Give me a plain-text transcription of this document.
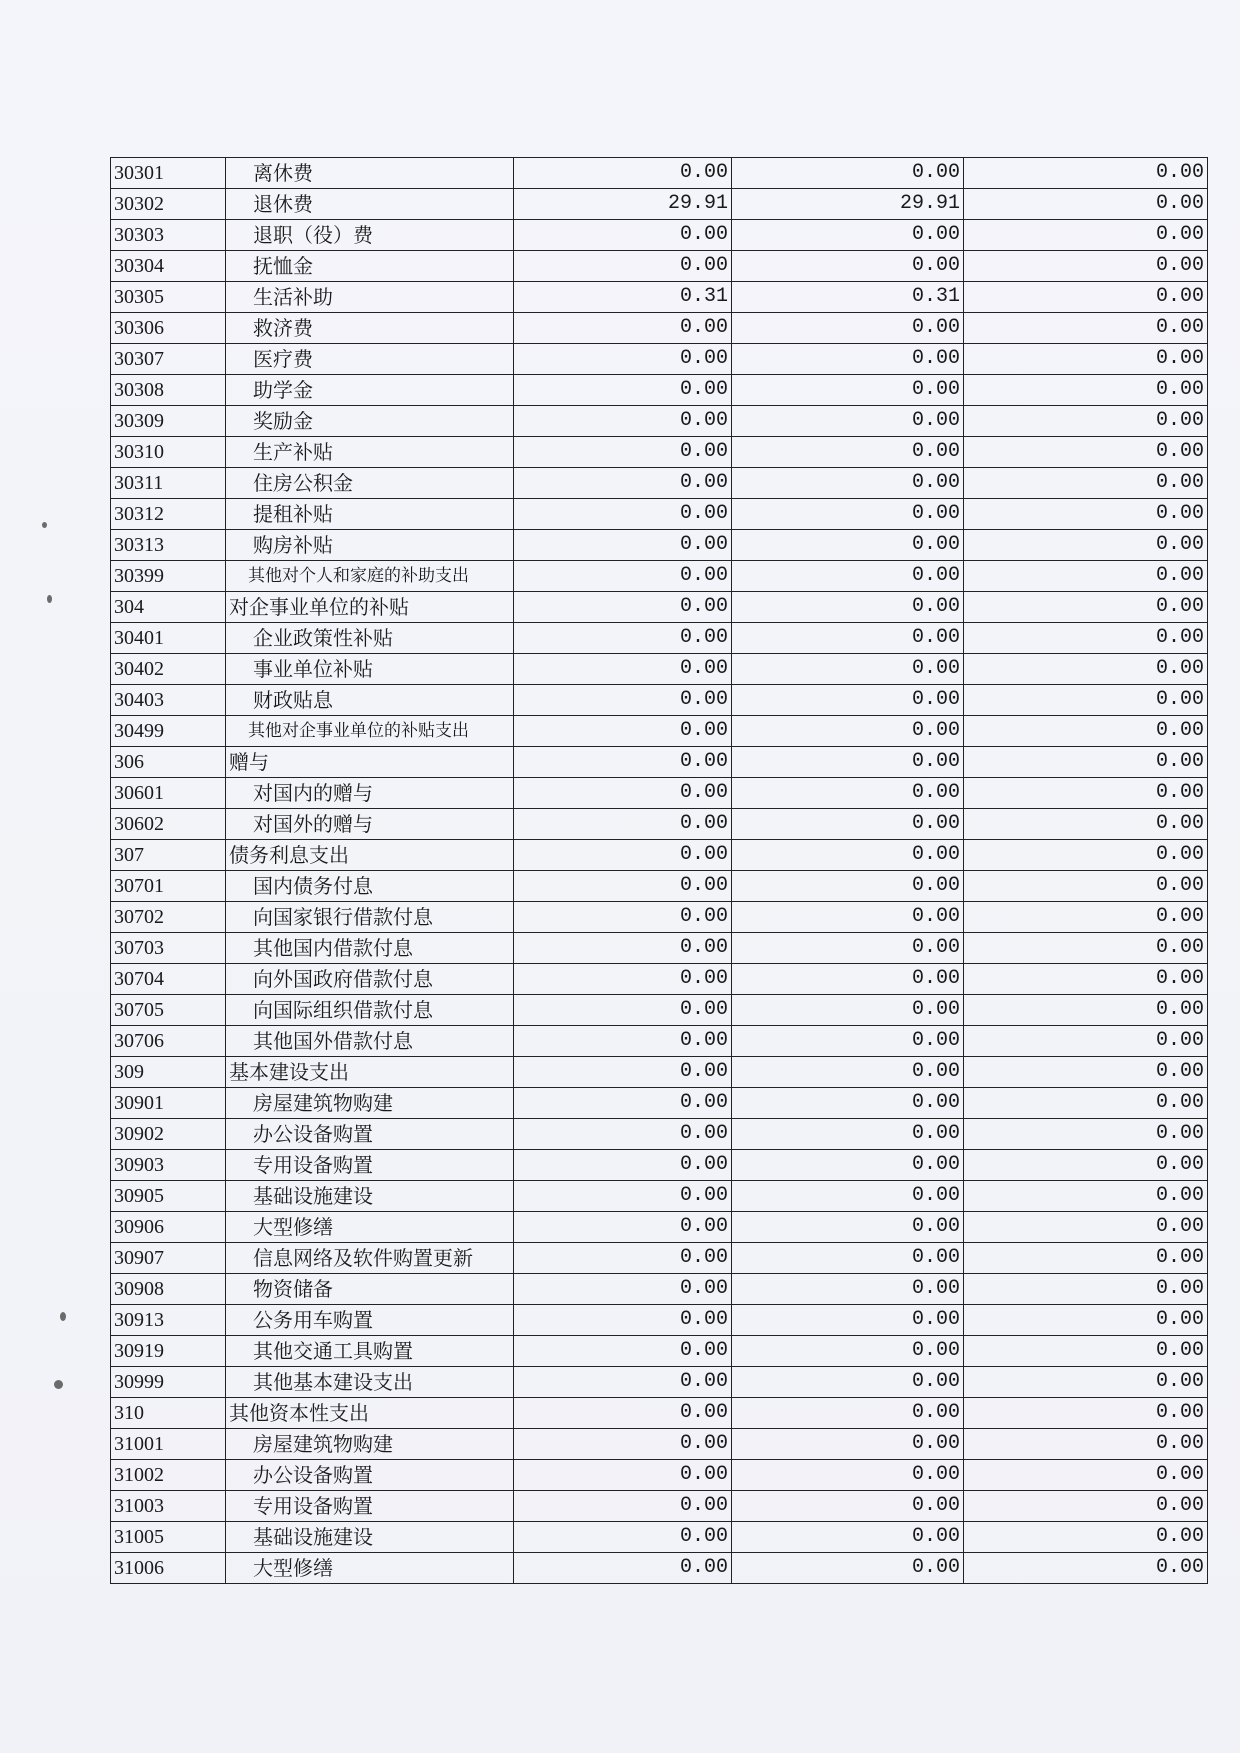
30301	离休费	0.00	0.00	0.00
30302	退休费	29.91	29.91	0.00
30303	退职（役）费	0.00	0.00	0.00
30304	抚恤金	0.00	0.00	0.00
30305	生活补助	0.31	0.31	0.00
30306	救济费	0.00	0.00	0.00
30307	医疗费	0.00	0.00	0.00
30308	助学金	0.00	0.00	0.00
30309	奖励金	0.00	0.00	0.00
30310	生产补贴	0.00	0.00	0.00
30311	住房公积金	0.00	0.00	0.00
30312	提租补贴	0.00	0.00	0.00
30313	购房补贴	0.00	0.00	0.00
30399	其他对个人和家庭的补助支出	0.00	0.00	0.00
304	对企事业单位的补贴	0.00	0.00	0.00
30401	企业政策性补贴	0.00	0.00	0.00
30402	事业单位补贴	0.00	0.00	0.00
30403	财政贴息	0.00	0.00	0.00
30499	其他对企事业单位的补贴支出	0.00	0.00	0.00
306	赠与	0.00	0.00	0.00
30601	对国内的赠与	0.00	0.00	0.00
30602	对国外的赠与	0.00	0.00	0.00
307	债务利息支出	0.00	0.00	0.00
30701	国内债务付息	0.00	0.00	0.00
30702	向国家银行借款付息	0.00	0.00	0.00
30703	其他国内借款付息	0.00	0.00	0.00
30704	向外国政府借款付息	0.00	0.00	0.00
30705	向国际组织借款付息	0.00	0.00	0.00
30706	其他国外借款付息	0.00	0.00	0.00
309	基本建设支出	0.00	0.00	0.00
30901	房屋建筑物购建	0.00	0.00	0.00
30902	办公设备购置	0.00	0.00	0.00
30903	专用设备购置	0.00	0.00	0.00
30905	基础设施建设	0.00	0.00	0.00
30906	大型修缮	0.00	0.00	0.00
30907	信息网络及软件购置更新	0.00	0.00	0.00
30908	物资储备	0.00	0.00	0.00
30913	公务用车购置	0.00	0.00	0.00
30919	其他交通工具购置	0.00	0.00	0.00
30999	其他基本建设支出	0.00	0.00	0.00
310	其他资本性支出	0.00	0.00	0.00
31001	房屋建筑物购建	0.00	0.00	0.00
31002	办公设备购置	0.00	0.00	0.00
31003	专用设备购置	0.00	0.00	0.00
31005	基础设施建设	0.00	0.00	0.00
31006	大型修缮	0.00	0.00	0.00
